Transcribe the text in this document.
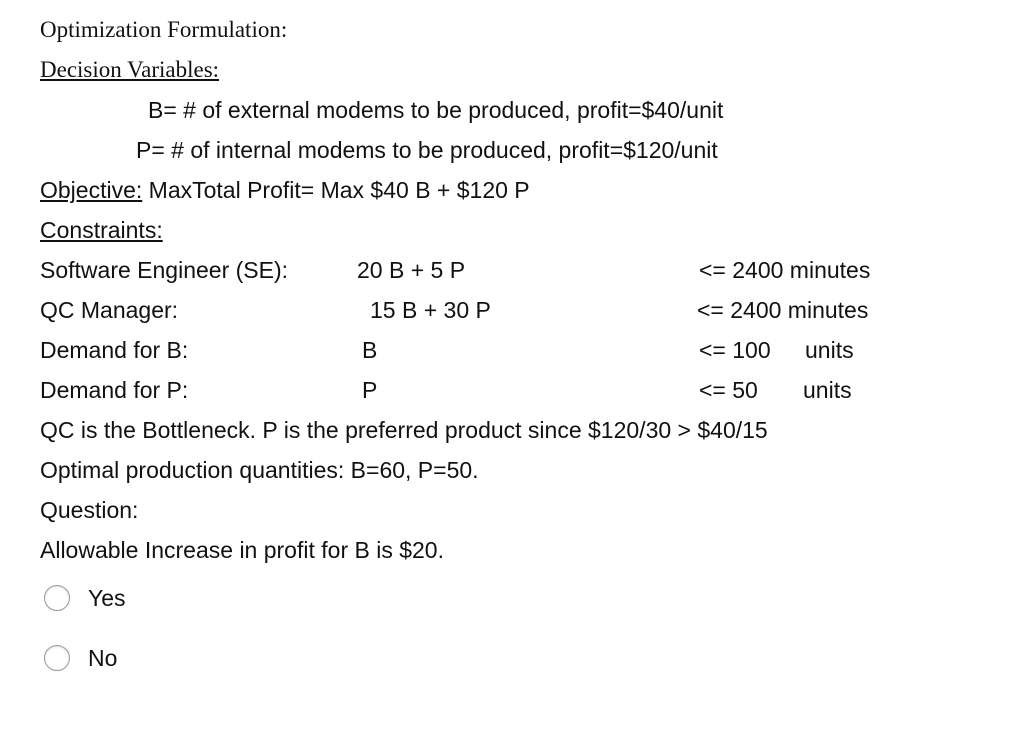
Optimization Formulation:
Decision Variables:
B= # of external modems to be produced, profit=$40/unit
P= # of internal modems to be produced, profit=$120/unit
Objective: MaxTotal Profit= Max $40 B + $120 P
Constraints:
Software Engineer (SE):	20 B + 5 P	<= 2400 minutes
QC Manager:	15 B + 30 P	<= 2400 minutes
Demand for B:	B	<= 100 units
Demand for P:	P	<= 50 units
QC is the Bottleneck. P is the preferred product since $120/30 > $40/15
Optimal production quantities: B=60, P=50.
Question:
Allowable Increase in profit for B is $20.
Yes
No
